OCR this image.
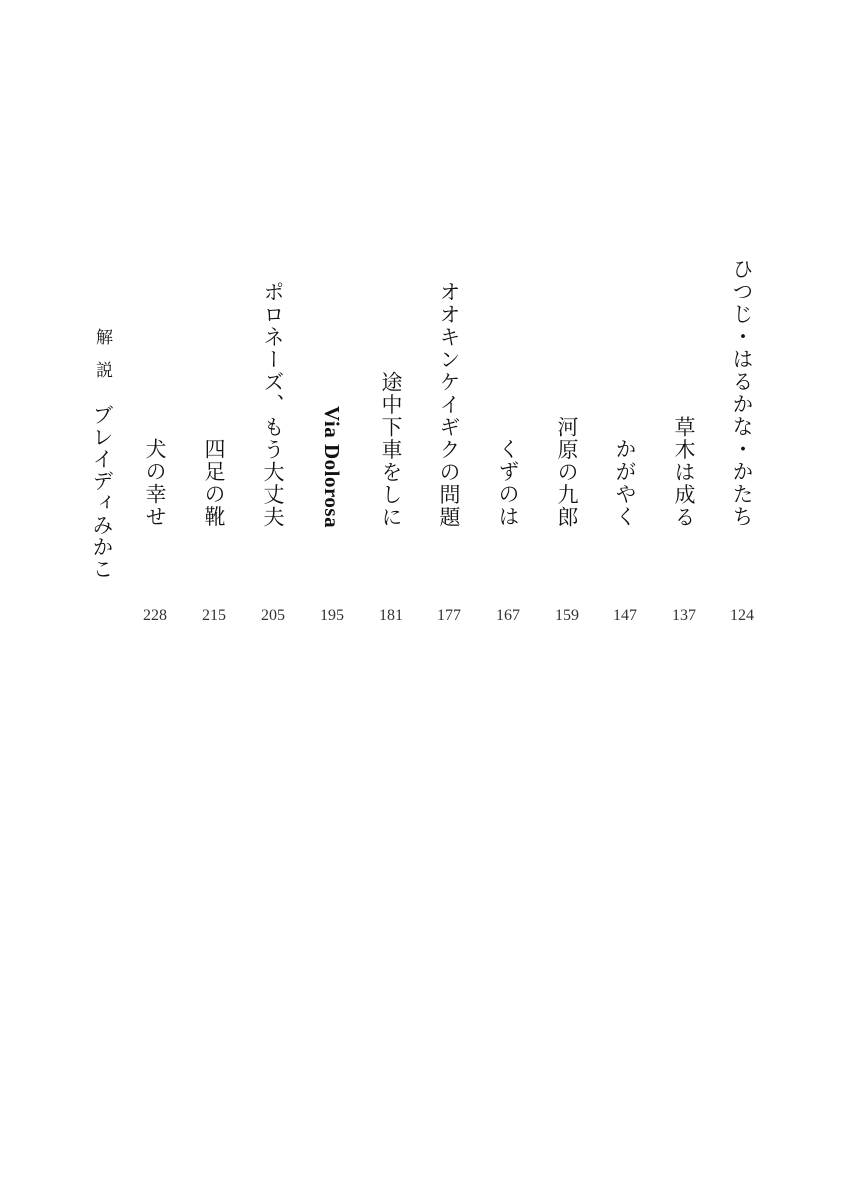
ひつじ・はるかな・かたち
124
草木は成る
137
かがやく
147
河原の九郎
159
くずのは
167
オオキンケイギクの問題
177
途中下車をしに
181
Via Dolorosa
195
ポロネーズ、もう大丈夫
205
四足の靴
215
犬の幸せ
228
解説
ブレイディみかこ
